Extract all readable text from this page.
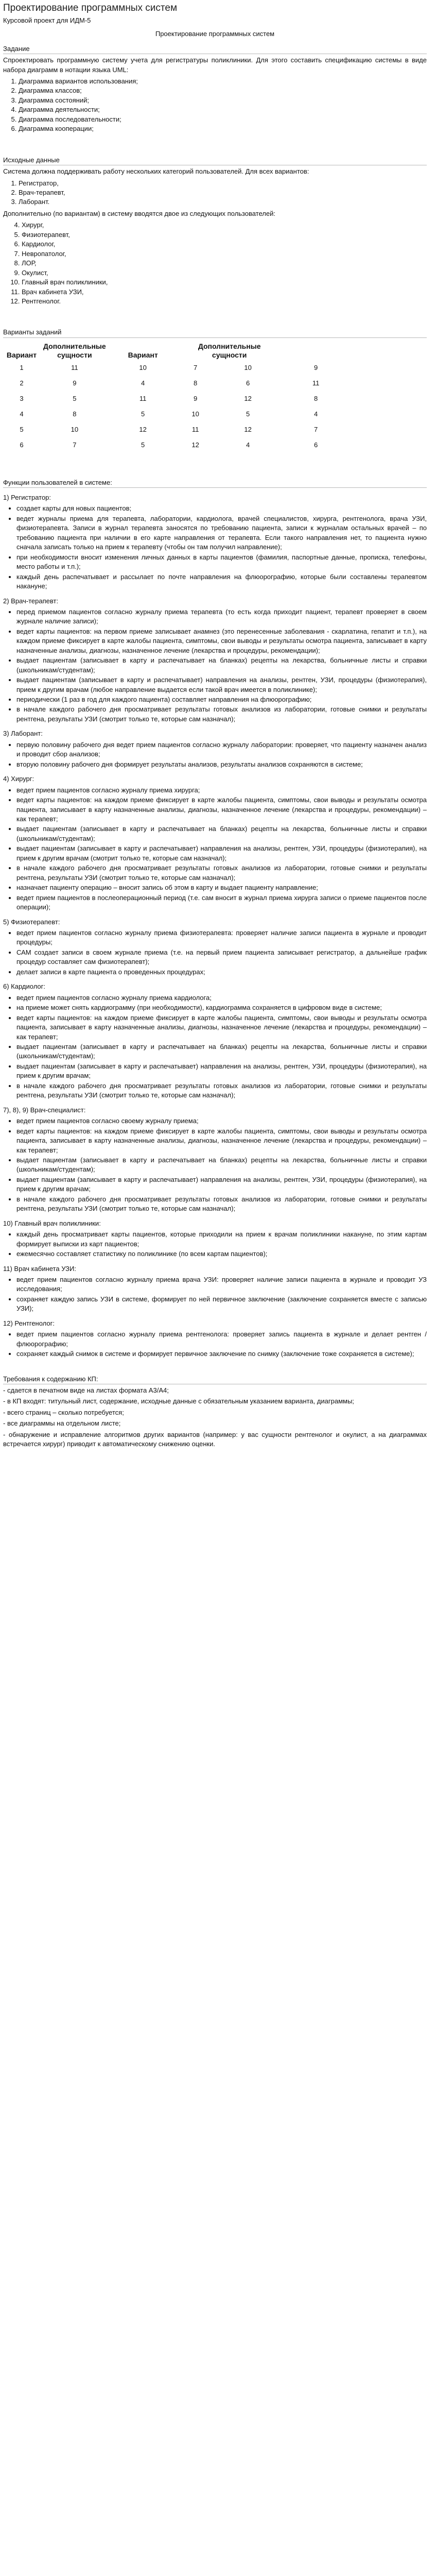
Проектирование программных систем
Курсовой проект для ИДМ-5
Проектирование программных систем
Задание

Спроектировать программную систему учета для регистратуры поликлиники. Для этого составить спецификацию системы в виде набора диаграмм в нотации языка UML:

1. Диаграмма вариантов использования;
2. Диаграмма классов;
3. Диаграмма состояний;
4. Диаграмма деятельности;
5. Диаграмма последовательности;
6. Диаграмма кооперации;
Исходные данные

Система должна поддерживать работу нескольких категорий пользователей. Для всех вариантов:

1. Регистратор,
2. Врач-терапевт,
3. Лаборант.

Дополнительно (по вариантам) в систему вводятся двое из следующих пользователей:

4. Хирург,
5. Физиотерапевт,
6. Кардиолог,
7. Невропатолог,
8. ЛОР,
9. Окулист,
10. Главный врач поликлиники,
11. Врач кабинета УЗИ,
12. Рентгенолог.
Варианты заданий
Вариант	Дополнительные сущности	Вариант	Дополнительные сущности		
1	11	10	7	10	9
2	9	4	8	6	11
3	5	11	9	12	8
4	8	5	10	5	4
5	10	12	11	12	7
6	7	5	12	4	6
Функции пользователей в системе:
1) Регистратор:
• создает карты для новых пациентов;
• ведет журналы приема для терапевта, лаборатории, кардиолога, врачей специалистов, хирурга, рентгенолога, врача УЗИ, физиотерапевта. Записи в журнал терапевта заносятся по требованию пациента, записи к журналам остальных врачей – по требованию пациента при наличии в его карте направления от терапевта. Если такого направления нет, то пациента нужно сначала записать только на прием к терапевту (чтобы он там получил направление);
• при необходимости вносит изменения личных данных в карты пациентов (фамилия, паспортные данные, прописка, телефоны, место работы и т.п.);
• каждый день распечатывает и рассылает по почте направления на флюорографию, которые были составлены терапевтом накануне;
2) Врач-терапевт:
• перед приемом пациентов согласно журналу приема терапевта (то есть когда приходит пациент, терапевт проверяет в своем журнале наличие записи);
• ведет карты пациентов: на первом приеме записывает анамнез (это перенесенные заболевания - скарлатина, гепатит и т.п.), на каждом приеме фиксирует в карте жалобы пациента, симптомы, свои выводы и результаты осмотра пациента, записывает в карту назначенные анализы, диагнозы, назначенное лечение (лекарства и процедуры, рекомендации);
• выдает пациентам (записывает в карту и распечатывает на бланках) рецепты на лекарства, больничные листы и справки (школьникам/студентам);
• выдает пациентам (записывает в карту и распечатывает) направления на анализы, рентген, УЗИ, процедуры (физиотерапия), прием к другим врачам (любое направление выдается если такой врач имеется в поликлинике);
• периодически (1 раз в год для каждого пациента) составляет направления на флюорографию;
• в начале каждого рабочего дня просматривает результаты готовых анализов из лаборатории, готовые снимки и результаты рентгена, результаты УЗИ (смотрит только те, которые сам назначал);
3) Лаборант:
• первую половину рабочего дня ведет прием пациентов согласно журналу лаборатории: проверяет, что пациенту назначен анализ и проводит сбор анализов;
• вторую половину рабочего дня формирует результаты анализов, результаты анализов сохраняются в системе;
4) Хирург:
• ведет прием пациентов согласно журналу приема хирурга;
• ведет карты пациентов: на каждом приеме фиксирует в карте жалобы пациента, симптомы, свои выводы и результаты осмотра пациента, записывает в карту назначенные анализы, диагнозы, назначенное лечение (лекарства и процедуры, рекомендации) – как терапевт;
• выдает пациентам (записывает в карту и распечатывает на бланках) рецепты на лекарства, больничные листы и справки (школьникам/студентам);
• выдает пациентам (записывает в карту и распечатывает) направления на анализы, рентген, УЗИ, процедуры (физиотерапия), на прием к другим врачам (смотрит только те, которые сам назначал);
• в начале каждого рабочего дня просматривает результаты готовых анализов из лаборатории, готовые снимки и результаты рентгена, результаты УЗИ (смотрит только те, которые сам назначал);
• назначает пациенту операцию – вносит запись об этом в карту и выдает пациенту направление;
• ведет прием пациентов в послеоперационный период (т.е. сам вносит в журнал приема хирурга записи о приеме пациентов после операции);
5) Физиотерапевт:
• ведет прием пациентов согласно журналу приема физиотерапевта: проверяет наличие записи пациента в журнале и проводит процедуры;
• САМ создает записи в своем журнале приема (т.е. на первый прием пациента записывает регистратор, а дальнейше график процедур составляет сам физиотерапевт);
• делает записи в карте пациента о проведенных процедурах;
6) Кардиолог:
• ведет прием пациентов согласно журналу приема кардиолога;
• на приеме может снять кардиограмму (при необходимости), кардиограмма сохраняется в цифровом виде в системе;
• ведет карты пациентов: на каждом приеме фиксирует в карте жалобы пациента, симптомы, свои выводы и результаты осмотра пациента, записывает в карту назначенные анализы, диагнозы, назначенное лечение (лекарства и процедуры, рекомендации) – как терапевт;
• выдает пациентам (записывает в карту и распечатывает на бланках) рецепты на лекарства, больничные листы и справки (школьникам/студентам);
• выдает пациентам (записывает в карту и распечатывает) направления на анализы, рентген, УЗИ, процедуры (физиотерапия), на прием к другим врачам;
• в начале каждого рабочего дня просматривает результаты готовых анализов из лаборатории, готовые снимки и результаты рентгена, результаты УЗИ (смотрит только те, которые сам назначал);
7), 8), 9) Врач-специалист:
• ведет прием пациентов согласно своему журналу приема;
• ведет карты пациентов: на каждом приеме фиксирует в карте жалобы пациента, симптомы, свои выводы и результаты осмотра пациента, записывает в карту назначенные анализы, диагнозы, назначенное лечение (лекарства и процедуры, рекомендации) – как терапевт;
• выдает пациентам (записывает в карту и распечатывает на бланках) рецепты на лекарства, больничные листы и справки (школьникам/студентам);
• выдает пациентам (записывает в карту и распечатывает) направления на анализы, рентген, УЗИ, процедуры (физиотерапия), на прием к другим врачам;
• в начале каждого рабочего дня просматривает результаты готовых анализов из лаборатории, готовые снимки и результаты рентгена, результаты УЗИ (смотрит только те, которые сам назначал);
10) Главный врач поликлиники:
• каждый день просматривает карты пациентов, которые приходили на прием к врачам поликлиники накануне, по этим картам формирует выписки из карт пациентов;
• ежемесячно составляет статистику по поликлинике (по всем картам пациентов);
11) Врач кабинета УЗИ:
• ведет прием пациентов согласно журналу приема врача УЗИ: проверяет наличие записи пациента в журнале и проводит УЗ исследования;
• сохраняет каждую запись УЗИ в системе, формирует по ней первичное заключение (заключение сохраняется вместе с записью УЗИ);
12) Рентгенолог:
• ведет прием пациентов согласно журналу приема рентгенолога: проверяет запись пациента в журнале и делает рентген / флюорографию;
• сохраняет каждый снимок в системе и формирует первичное заключение по снимку (заключение тоже сохраняется в системе);
Требования к содержанию КП:

- сдается в печатном виде на листах формата А3/А4;

- в КП входят: титульный лист, содержание, исходные данные с обязательным указанием варианта, диаграммы;

- всего страниц – сколько потребуется;

- все диаграммы на отдельном листе;

- обнаружение и исправление алгоритмов других вариантов (например: у вас сущности рентгенолог и окулист, а на диаграммах встречается хирург) приводит к автоматическому снижению оценки.
